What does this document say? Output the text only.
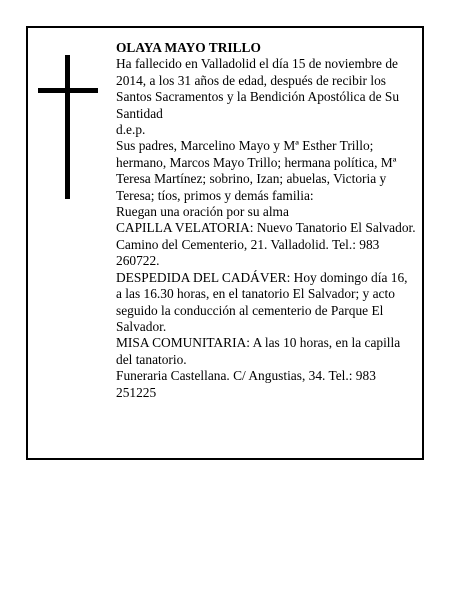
OLAYA MAYO TRILLO

Ha fallecido en Valladolid el día 15 de noviembre de 2014, a los 31 años de edad, después de recibir los Santos Sacramentos y la Bendición Apostólica de Su Santidad

d.e.p.

Sus padres, Marcelino Mayo y Mª Esther Trillo; hermano, Marcos Mayo Trillo; hermana política, Mª Teresa Martínez; sobrino, Izan; abuelas, Victoria y Teresa; tíos, primos y demás familia:

Ruegan una oración por su alma

CAPILLA VELATORIA: Nuevo Tanatorio El Salvador. Camino del Cementerio, 21. Valladolid. Tel.: 983 260722.

DESPEDIDA DEL CADÁVER: Hoy domingo día 16, a las 16.30 horas, en el tanatorio El Salvador; y acto seguido la conducción al cementerio de Parque El Salvador.

MISA COMUNITARIA: A las 10 horas, en la capilla del tanatorio.

Funeraria Castellana. C/ Angustias, 34. Tel.: 983 251225
